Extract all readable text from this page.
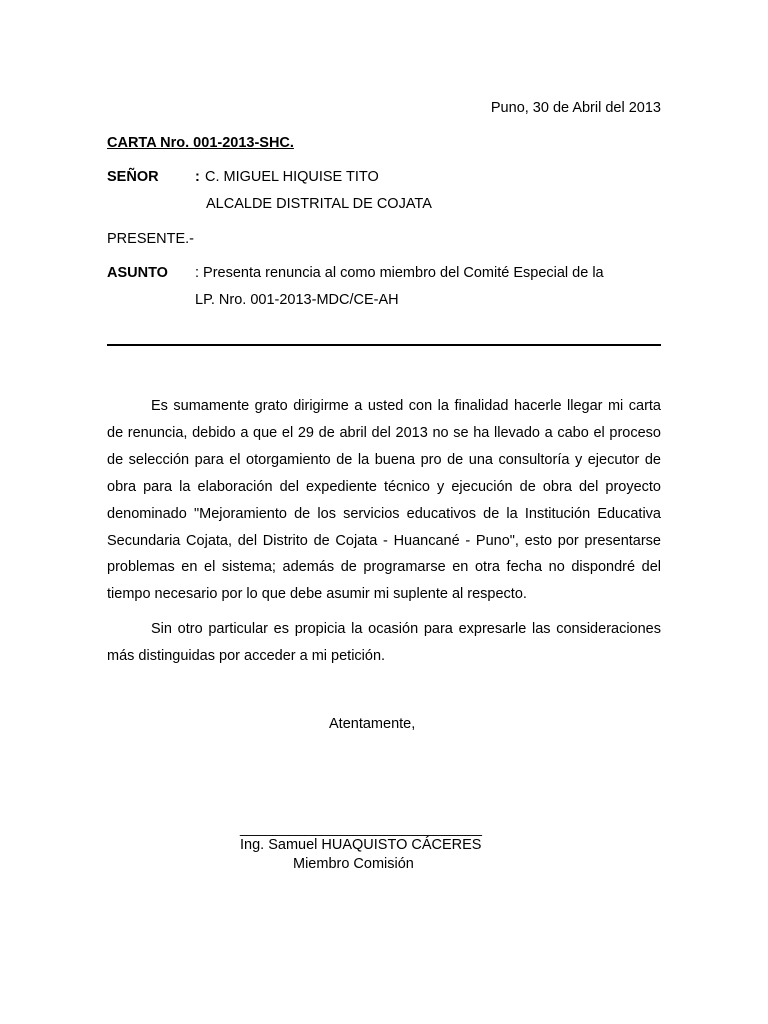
Puno, 30 de Abril del 2013
CARTA Nro. 001-2013-SHC.
SEÑOR	: C. MIGUEL HIQUISE TITO
ALCALDE DISTRITAL DE COJATA
PRESENTE.-
ASUNTO : Presenta renuncia al como miembro del Comité Especial de la
LP. Nro. 001-2013-MDC/CE-AH
Es sumamente grato dirigirme a usted con la finalidad hacerle llegar mi carta de renuncia, debido a que el 29 de abril del 2013 no se ha llevado a cabo el proceso de selección para el otorgamiento de la buena pro de una consultoría y ejecutor de obra para la elaboración del expediente técnico y ejecución de obra del proyecto denominado "Mejoramiento de los servicios educativos de la Institución Educativa Secundaria Cojata, del Distrito de Cojata - Huancané - Puno", esto por presentarse problemas en el sistema; además de programarse en otra fecha no dispondré del tiempo necesario por lo que debe asumir mi suplente al respecto.
Sin otro particular es propicia la ocasión para expresarle las consideraciones más distinguidas por acceder a mi petición.
Atentamente,
______________________________
Ing. Samuel HUAQUISTO CÁCERES
Miembro Comisión
